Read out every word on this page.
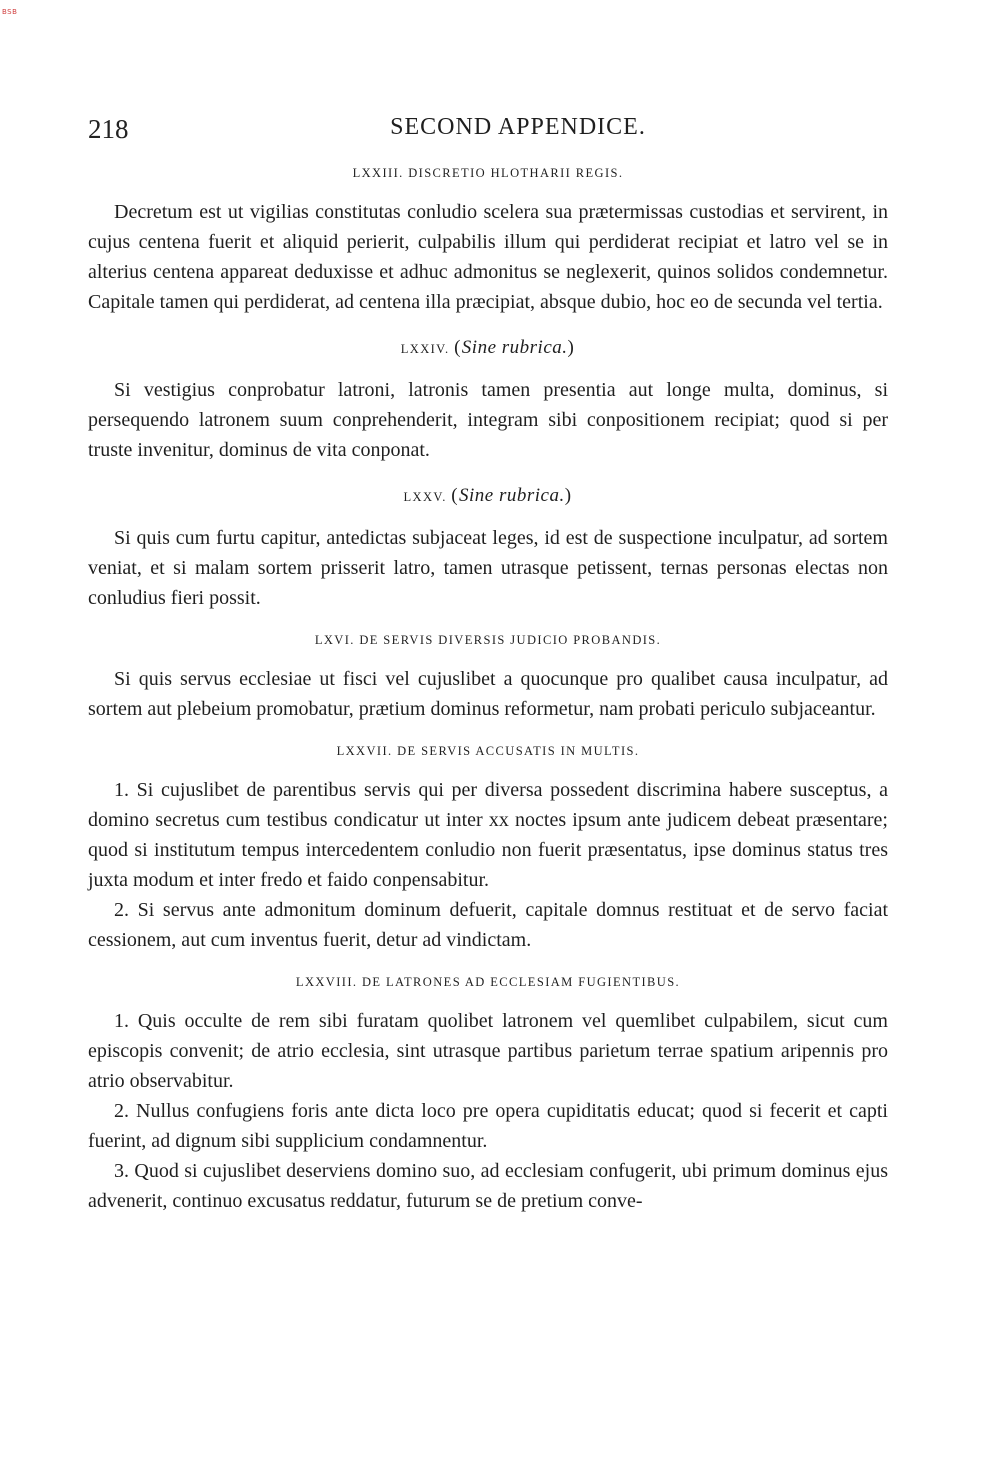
BSB
218	SECOND APPENDICE.
LXXIII. DISCRETIO HLOTHARII REGIS.

Decretum est ut vigilias constitutas conludio scelera sua prætermissas custodias et servirent, in cujus centena fuerit et aliquid perierit, culpabilis illum qui perdiderat recipiat et latro vel se in alterius centena appareat deduxisse et adhuc admonitus se neglexerit, quinos solidos condemnetur. Capitale tamen qui perdiderat, ad centena illa præcipiat, absque dubio, hoc eo de secunda vel tertia.

LXXIV. (Sine rubrica.)

Si vestigius conprobatur latroni, latronis tamen presentia aut longe multa, dominus, si persequendo latronem suum conprehenderit, integram sibi conpositionem recipiat; quod si per truste invenitur, dominus de vita conponat.

LXXV. (Sine rubrica.)

Si quis cum furtu capitur, antedictas subjaceat leges, id est de suspectione inculpatur, ad sortem veniat, et si malam sortem prisserit latro, tamen utrasque petissent, ternas personas electas non conludius fieri possit.

LXVI. DE SERVIS DIVERSIS JUDICIO PROBANDIS.

Si quis servus ecclesiae ut fisci vel cujuslibet a quocunque pro qualibet causa inculpatur, ad sortem aut plebeium promobatur, prætium dominus reformetur, nam probati periculo subjaceantur.

LXXVII. DE SERVIS ACCUSATIS IN MULTIS.

1. Si cujuslibet de parentibus servis qui per diversa possedent discrimina habere susceptus, a domino secretus cum testibus condicatur ut inter xx noctes ipsum ante judicem debeat præsentare; quod si institutum tempus intercedentem conludio non fuerit præsentatus, ipse dominus status tres juxta modum et inter fredo et faido conpensabitur.

2. Si servus ante admonitum dominum defuerit, capitale domnus restituat et de servo faciat cessionem, aut cum inventus fuerit, detur ad vindictam.

LXXVIII. DE LATRONES AD ECCLESIAM FUGIENTIBUS.

1. Quis occulte de rem sibi furatam quolibet latronem vel quemlibet culpabilem, sicut cum episcopis convenit; de atrio ecclesia, sint utrasque partibus parietum terrae spatium aripennis pro atrio observabitur.

2. Nullus confugiens foris ante dicta loco pre opera cupiditatis educat; quod si fecerit et capti fuerint, ad dignum sibi supplicium condamnentur.

3. Quod si cujuslibet deserviens domino suo, ad ecclesiam confugerit, ubi primum dominus ejus advenerit, continuo excusatus reddatur, futurum se de pretium conve-
